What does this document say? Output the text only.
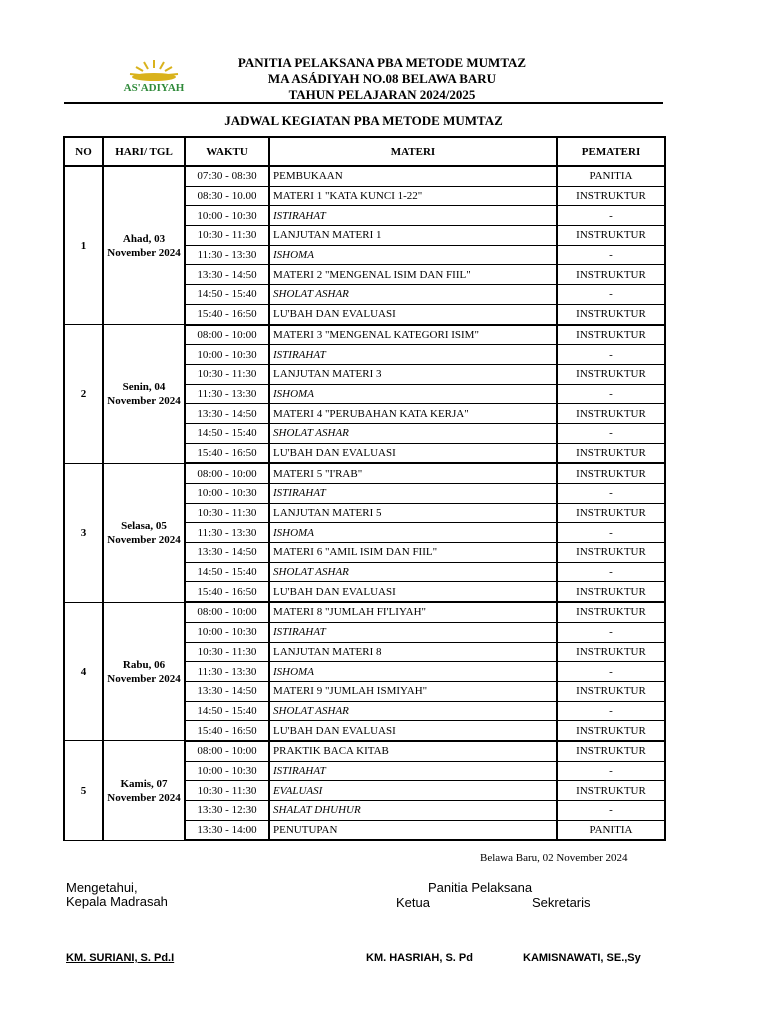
AS'ADIYAH
PANITIA PELAKSANA PBA METODE MUMTAZ
MA ASÁDIYAH NO.08 BELAWA BARU
TAHUN PELAJARAN 2024/2025
JADWAL KEGIATAN PBA METODE MUMTAZ
NO	HARI/ TGL	WAKTU	MATERI	PEMATERI
1	Ahad, 03 November 2024	07:30 - 08:30	PEMBUKAAN	PANITIA
		08:30 - 10.00	MATERI 1 "KATA KUNCI 1-22"	INSTRUKTUR
		10:00 - 10:30	ISTIRAHAT	-
		10:30 - 11:30	LANJUTAN MATERI 1	INSTRUKTUR
		11:30 - 13:30	ISHOMA	-
		13:30 - 14:50	MATERI 2 "MENGENAL ISIM DAN FIIL"	INSTRUKTUR
		14:50 - 15:40	SHOLAT ASHAR	-
		15:40 - 16:50	LU'BAH DAN EVALUASI	INSTRUKTUR
2	Senin, 04 November 2024	08:00 - 10:00	MATERI 3 "MENGENAL KATEGORI ISIM"	INSTRUKTUR
		10:00 - 10:30	ISTIRAHAT	-
		10:30 - 11:30	LANJUTAN MATERI 3	INSTRUKTUR
		11:30 - 13:30	ISHOMA	-
		13:30 - 14:50	MATERI 4 "PERUBAHAN KATA KERJA"	INSTRUKTUR
		14:50 - 15:40	SHOLAT ASHAR	-
		15:40 - 16:50	LU'BAH DAN EVALUASI	INSTRUKTUR
3	Selasa, 05 November 2024	08:00 - 10:00	MATERI 5 "I'RAB"	INSTRUKTUR
		10:00 - 10:30	ISTIRAHAT	-
		10:30 - 11:30	LANJUTAN MATERI 5	INSTRUKTUR
		11:30 - 13:30	ISHOMA	-
		13:30 - 14:50	MATERI 6 "AMIL ISIM DAN FIIL"	INSTRUKTUR
		14:50 - 15:40	SHOLAT ASHAR	-
		15:40 - 16:50	LU'BAH DAN EVALUASI	INSTRUKTUR
4	Rabu, 06 November 2024	08:00 - 10:00	MATERI 8 "JUMLAH FI'LIYAH"	INSTRUKTUR
		10:00 - 10:30	ISTIRAHAT	-
		10:30 - 11:30	LANJUTAN MATERI 8	INSTRUKTUR
		11:30 - 13:30	ISHOMA	-
		13:30 - 14:50	MATERI 9 "JUMLAH ISMIYAH"	INSTRUKTUR
		14:50 - 15:40	SHOLAT ASHAR	-
		15:40 - 16:50	LU'BAH DAN EVALUASI	INSTRUKTUR
5	Kamis, 07 November 2024	08:00 - 10:00	PRAKTIK BACA KITAB	INSTRUKTUR
		10:00 - 10:30	ISTIRAHAT	-
		10:30 - 11:30	EVALUASI	INSTRUKTUR
		13:30 - 12:30	SHALAT DHUHUR	-
		13:30 - 14:00	PENUTUPAN	PANITIA
Belawa Baru, 02 November 2024
Mengetahui,
Kepala Madrasah
Panitia Pelaksana
Ketua	Sekretaris
KM. SURIANI, S. Pd.I	KM. HASRIAH, S. Pd	KAMISNAWATI, SE.,Sy
